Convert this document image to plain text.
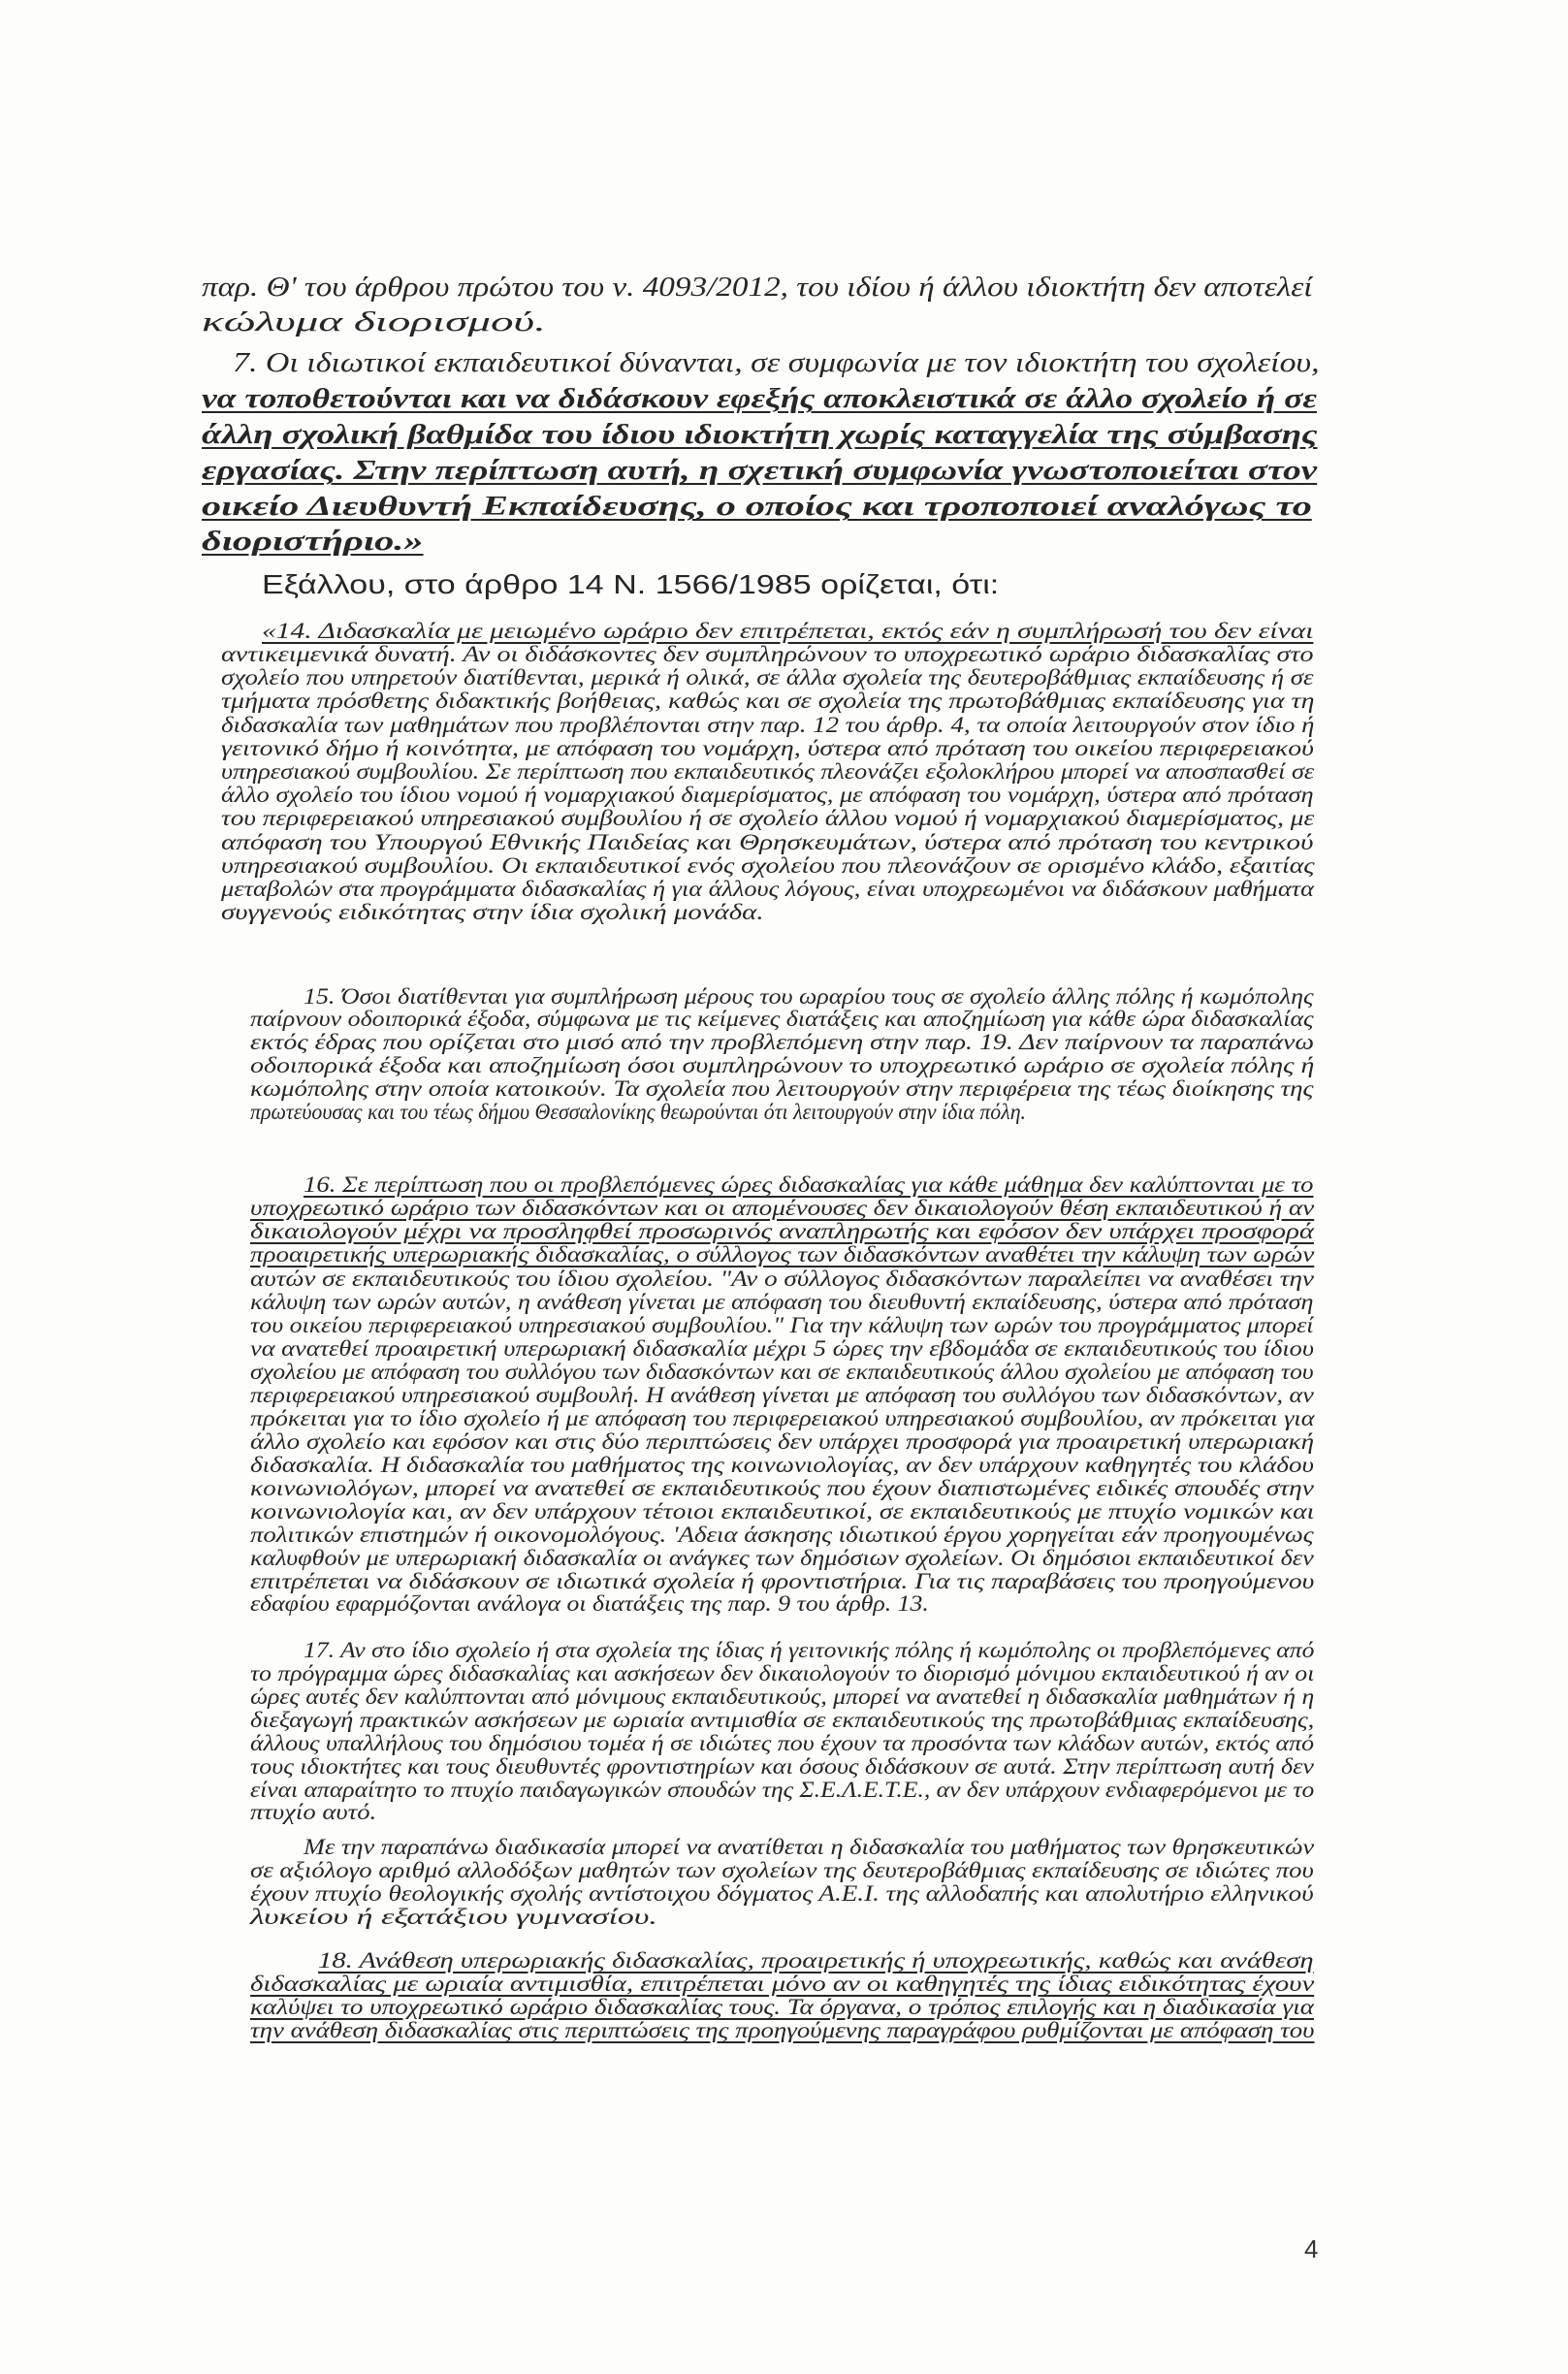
παρ. Θ' του άρθρου πρώτου του ν. 4093/2012, του ιδίου ή άλλου ιδιοκτήτη δεν αποτελεί
κώλυμα διορισμού.
7. Οι ιδιωτικοί εκπαιδευτικοί δύνανται, σε συμφωνία με τον ιδιοκτήτη του σχολείου,
να τοποθετούνται και να διδάσκουν εφεξής αποκλειστικά σε άλλο σχολείο ή σε
άλλη σχολική βαθμίδα του ίδιου ιδιοκτήτη χωρίς καταγγελία της σύμβασης
εργασίας. Στην περίπτωση αυτή, η σχετική συμφωνία γνωστοποιείται στον
οικείο Διευθυντή Εκπαίδευσης, ο οποίος και τροποποιεί αναλόγως το
διοριστήριο.»
Εξάλλου, στο άρθρο 14 Ν. 1566/1985 ορίζεται, ότι:
«14. Διδασκαλία με μειωμένο ωράριο δεν επιτρέπεται, εκτός εάν η συμπλήρωσή του δεν είναι
αντικειμενικά δυνατή. Αν οι διδάσκοντες δεν συμπληρώνουν το υποχρεωτικό ωράριο διδασκαλίας στο
σχολείο που υπηρετούν διατίθενται, μερικά ή ολικά, σε άλλα σχολεία της δευτεροβάθμιας εκπαίδευσης ή σε
τμήματα πρόσθετης διδακτικής βοήθειας, καθώς και σε σχολεία της πρωτοβάθμιας εκπαίδευσης για τη
διδασκαλία των μαθημάτων που προβλέπονται στην παρ. 12 του άρθρ. 4, τα οποία λειτουργούν στον ίδιο ή
γειτονικό δήμο ή κοινότητα, με απόφαση του νομάρχη, ύστερα από πρόταση του οικείου περιφερειακού
υπηρεσιακού συμβουλίου. Σε περίπτωση που εκπαιδευτικός πλεονάζει εξολοκλήρου μπορεί να αποσπασθεί σε
άλλο σχολείο του ίδιου νομού ή νομαρχιακού διαμερίσματος, με απόφαση του νομάρχη, ύστερα από πρόταση
του περιφερειακού υπηρεσιακού συμβουλίου ή σε σχολείο άλλου νομού ή νομαρχιακού διαμερίσματος, με
απόφαση του Υπουργού Εθνικής Παιδείας και Θρησκευμάτων, ύστερα από πρόταση του κεντρικού
υπηρεσιακού συμβουλίου. Οι εκπαιδευτικοί ενός σχολείου που πλεονάζουν σε ορισμένο κλάδο, εξαιτίας
μεταβολών στα προγράμματα διδασκαλίας ή για άλλους λόγους, είναι υποχρεωμένοι να διδάσκουν μαθήματα
συγγενούς ειδικότητας στην ίδια σχολική μονάδα.
15. Όσοι διατίθενται για συμπλήρωση μέρους του ωραρίου τους σε σχολείο άλλης πόλης ή κωμόπολης
παίρνουν οδοιπορικά έξοδα, σύμφωνα με τις κείμενες διατάξεις και αποζημίωση για κάθε ώρα διδασκαλίας
εκτός έδρας που ορίζεται στο μισό από την προβλεπόμενη στην παρ. 19. Δεν παίρνουν τα παραπάνω
οδοιπορικά έξοδα και αποζημίωση όσοι συμπληρώνουν το υποχρεωτικό ωράριο σε σχολεία πόλης ή
κωμόπολης στην οποία κατοικούν. Τα σχολεία που λειτουργούν στην περιφέρεια της τέως διοίκησης της
πρωτεύουσας και του τέως δήμου Θεσσαλονίκης θεωρούνται ότι λειτουργούν στην ίδια πόλη.
16. Σε περίπτωση που οι προβλεπόμενες ώρες διδασκαλίας για κάθε μάθημα δεν καλύπτονται με το
υποχρεωτικό ωράριο των διδασκόντων και οι απομένουσες δεν δικαιολογούν θέση εκπαιδευτικού ή αν
δικαιολογούν μέχρι να προσληφθεί προσωρινός αναπληρωτής και εφόσον δεν υπάρχει προσφορά
προαιρετικής υπερωριακής διδασκαλίας, ο σύλλογος των διδασκόντων αναθέτει την κάλυψη των ωρών
αυτών σε εκπαιδευτικούς του ίδιου σχολείου. "Αν ο σύλλογος διδασκόντων παραλείπει να αναθέσει την
κάλυψη των ωρών αυτών, η ανάθεση γίνεται με απόφαση του διευθυντή εκπαίδευσης, ύστερα από πρόταση
του οικείου περιφερειακού υπηρεσιακού συμβουλίου." Για την κάλυψη των ωρών του προγράμματος μπορεί
να ανατεθεί προαιρετική υπερωριακή διδασκαλία μέχρι 5 ώρες την εβδομάδα σε εκπαιδευτικούς του ίδιου
σχολείου με απόφαση του συλλόγου των διδασκόντων και σε εκπαιδευτικούς άλλου σχολείου με απόφαση του
περιφερειακού υπηρεσιακού συμβουλή. Η ανάθεση γίνεται με απόφαση του συλλόγου των διδασκόντων, αν
πρόκειται για το ίδιο σχολείο ή με απόφαση του περιφερειακού υπηρεσιακού συμβουλίου, αν πρόκειται για
άλλο σχολείο και εφόσον και στις δύο περιπτώσεις δεν υπάρχει προσφορά για προαιρετική υπερωριακή
διδασκαλία. Η διδασκαλία του μαθήματος της κοινωνιολογίας, αν δεν υπάρχουν καθηγητές του κλάδου
κοινωνιολόγων, μπορεί να ανατεθεί σε εκπαιδευτικούς που έχουν διαπιστωμένες ειδικές σπουδές στην
κοινωνιολογία και, αν δεν υπάρχουν τέτοιοι εκπαιδευτικοί, σε εκπαιδευτικούς με πτυχίο νομικών και
πολιτικών επιστημών ή οικονομολόγους. 'Αδεια άσκησης ιδιωτικού έργου χορηγείται εάν προηγουμένως
καλυφθούν με υπερωριακή διδασκαλία οι ανάγκες των δημόσιων σχολείων. Οι δημόσιοι εκπαιδευτικοί δεν
επιτρέπεται να διδάσκουν σε ιδιωτικά σχολεία ή φροντιστήρια. Για τις παραβάσεις του προηγούμενου
εδαφίου εφαρμόζονται ανάλογα οι διατάξεις της παρ. 9 του άρθρ. 13.
17. Αν στο ίδιο σχολείο ή στα σχολεία της ίδιας ή γειτονικής πόλης ή κωμόπολης οι προβλεπόμενες από
το πρόγραμμα ώρες διδασκαλίας και ασκήσεων δεν δικαιολογούν το διορισμό μόνιμου εκπαιδευτικού ή αν οι
ώρες αυτές δεν καλύπτονται από μόνιμους εκπαιδευτικούς, μπορεί να ανατεθεί η διδασκαλία μαθημάτων ή η
διεξαγωγή πρακτικών ασκήσεων με ωριαία αντιμισθία σε εκπαιδευτικούς της πρωτοβάθμιας εκπαίδευσης,
άλλους υπαλλήλους του δημόσιου τομέα ή σε ιδιώτες που έχουν τα προσόντα των κλάδων αυτών, εκτός από
τους ιδιοκτήτες και τους διευθυντές φροντιστηρίων και όσους διδάσκουν σε αυτά. Στην περίπτωση αυτή δεν
είναι απαραίτητο το πτυχίο παιδαγωγικών σπουδών της Σ.Ε.Λ.Ε.Τ.Ε., αν δεν υπάρχουν ενδιαφερόμενοι με το
πτυχίο αυτό.
Με την παραπάνω διαδικασία μπορεί να ανατίθεται η διδασκαλία του μαθήματος των θρησκευτικών
σε αξιόλογο αριθμό αλλοδόξων μαθητών των σχολείων της δευτεροβάθμιας εκπαίδευσης σε ιδιώτες που
έχουν πτυχίο θεολογικής σχολής αντίστοιχου δόγματος Α.Ε.Ι. της αλλοδαπής και απολυτήριο ελληνικού
λυκείου ή εξατάξιου γυμνασίου.
18. Ανάθεση υπερωριακής διδασκαλίας, προαιρετικής ή υποχρεωτικής, καθώς και ανάθεση
διδασκαλίας με ωριαία αντιμισθία, επιτρέπεται μόνο αν οι καθηγητές της ίδιας ειδικότητας έχουν
καλύψει το υποχρεωτικό ωράριο διδασκαλίας τους. Τα όργανα, ο τρόπος επιλογής και η διαδικασία για
την ανάθεση διδασκαλίας στις περιπτώσεις της προηγούμενης παραγράφου ρυθμίζονται με απόφαση του
4
